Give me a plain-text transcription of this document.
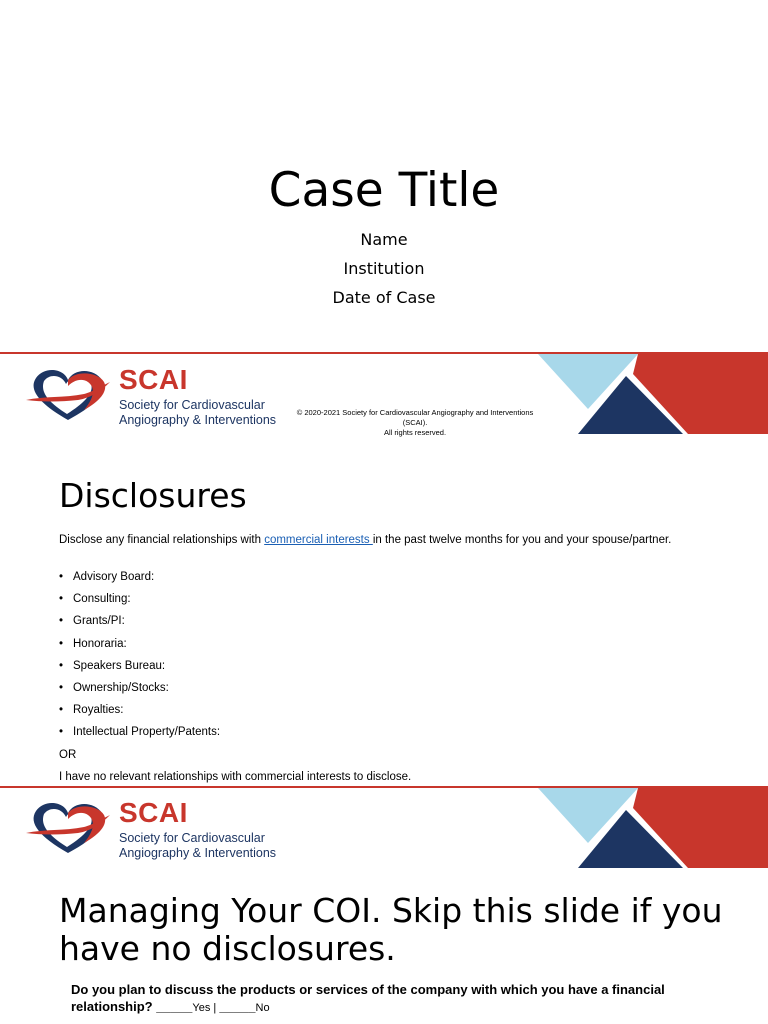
Case Title
Name
Institution
Date of Case
SCAI
Society for Cardiovascular
Angiography & Interventions
© 2020-2021 Society for Cardiovascular Angiography and Interventions (SCAI).
All rights reserved.
Disclosures
Disclose any financial relationships with commercial interests in the past twelve months for you and your spouse/partner.
• Advisory Board:
• Consulting:
• Grants/PI:
• Honoraria:
• Speakers Bureau:
• Ownership/Stocks:
• Royalties:
• Intellectual Property/Patents:
OR
I have no relevant relationships with commercial interests to disclose.
SCAI
Society for Cardiovascular
Angiography & Interventions
Managing Your COI. Skip this slide if you have no disclosures.
Do you plan to discuss the products or services of the company with which you have a financial relationship? _____Yes | _____No
